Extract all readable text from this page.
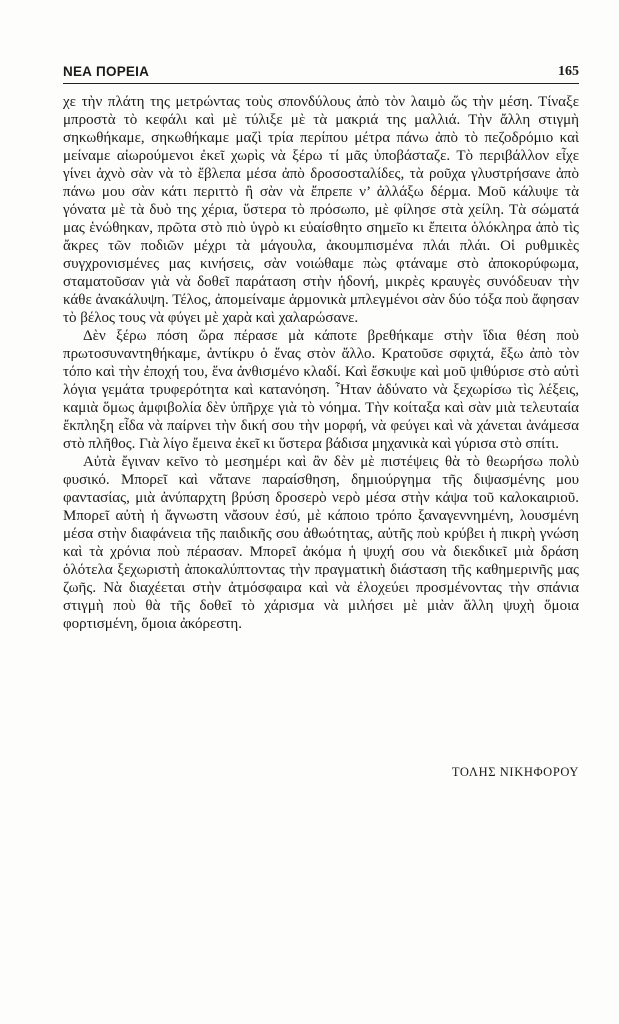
ΝΕΑ ΠΟΡΕΙΑ	165

χε τὴν πλάτη της μετρώντας τοὺς σπονδύλους ἀπὸ τὸν λαιμὸ ὥς τὴν μέση. Τίναξε μπροστὰ τὸ κεφάλι καὶ μὲ τύλιξε μὲ τὰ μακριά της μαλλιά. Τὴν ἄλλη στιγμὴ σηκωθήκαμε, σηκωθήκαμε μαζὶ τρία περίπου μέτρα πάνω ἀπὸ τὸ πεζοδρόμιο καὶ μείναμε αἰωρούμενοι ἐκεῖ χωρὶς νὰ ξέρω τί μᾶς ὑποβάσταζε. Τὸ περιβάλλον εἶχε γίνει ἀχνὸ σὰν νὰ τὸ ἔβλεπα μέσα ἀπὸ δροσοσταλίδες, τὰ ροῦχα γλυστρήσανε ἀπὸ πάνω μου σὰν κάτι περιττὸ ἢ σὰν νὰ ἔπρεπε ν’ ἀλλάξω δέρμα. Μοῦ κάλυψε τὰ γόνατα μὲ τὰ δυὸ της χέρια, ὕστερα τὸ πρόσωπο, μὲ φίλησε στὰ χείλη. Τὰ σώματά μας ἑνώθηκαν, πρῶτα στὸ πιὸ ὑγρὸ κι εὐαίσθητο σημεῖο κι ἔπειτα ὁλόκληρα ἀπὸ τὶς ἄκρες τῶν ποδιῶν μέχρι τὰ μάγουλα, ἀκουμπισμένα πλάι πλάι. Οἱ ρυθμικὲς συγχρονισμένες μας κινήσεις, σὰν νοιώθαμε πὼς φτάναμε στὸ ἀποκορύφωμα, σταματοῦσαν γιὰ νὰ δοθεῖ παράταση στὴν ἡδονή, μικρὲς κραυγὲς συνόδευαν τὴν κάθε ἀνακάλυψη. Τέλος, ἀπομείναμε ἁρμονικὰ μπλεγμένοι σὰν δύο τόξα ποὺ ἄφησαν τὸ βέλος τους νὰ φύγει μὲ χαρὰ καὶ χαλαρώσανε.

Δὲν ξέρω πόση ὥρα πέρασε μὰ κάποτε βρεθήκαμε στὴν ἴδια θέση ποὺ πρωτοσυναντηθήκαμε, ἀντίκρυ ὁ ἕνας στὸν ἄλλο. Κρατοῦσε σφιχτά, ἔξω ἀπὸ τὸν τόπο καὶ τὴν ἐποχή του, ἕνα ἀνθισμένο κλαδί. Καὶ ἔσκυψε καὶ μοῦ ψιθύρισε στὸ αὐτὶ λόγια γεμάτα τρυφερότητα καὶ κατανόηση. Ἦταν ἀδύνατο νὰ ξεχωρίσω τὶς λέξεις, καμιὰ ὅμως ἀμφιβολία δὲν ὑπῆρχε γιὰ τὸ νόημα. Τὴν κοίταξα καὶ σὰν μιὰ τελευταία ἔκπληξη εἶδα νὰ παίρνει τὴν δική σου τὴν μορφή, νὰ φεύγει καὶ νὰ χάνεται ἀνάμεσα στὸ πλῆθος. Γιὰ λίγο ἔμεινα ἐκεῖ κι ὕστερα βάδισα μηχανικὰ καὶ γύρισα στὸ σπίτι.

Αὐτὰ ἔγιναν κεῖνο τὸ μεσημέρι καὶ ἂν δὲν μὲ πιστέψεις θὰ τὸ θεωρήσω πολὺ φυσικό. Μπορεῖ καὶ νἄτανε παραίσθηση, δημιούργημα τῆς διψασμένης μου φαντασίας, μιὰ ἀνύπαρχτη βρύση δροσερὸ νερὸ μέσα στὴν κάψα τοῦ καλοκαιριοῦ. Μπορεῖ αὐτὴ ἡ ἄγνωστη νἄσουν ἐσύ, μὲ κάποιο τρόπο ξαναγεννημένη, λουσμένη μέσα στὴν διαφάνεια τῆς παιδικῆς σου ἀθωότητας, αὐτῆς ποὺ κρύβει ἡ πικρὴ γνώση καὶ τὰ χρόνια ποὺ πέρασαν. Μπορεῖ ἀκόμα ἡ ψυχή σου νὰ διεκδικεῖ μιὰ δράση ὁλότελα ξεχωριστὴ ἀποκαλύπτοντας τὴν πραγματικὴ διάσταση τῆς καθημερινῆς μας ζωῆς. Νὰ διαχέεται στὴν ἀτμόσφαιρα καὶ νὰ ἐλοχεύει προσμένοντας τὴν σπάνια στιγμὴ ποὺ θὰ τῆς δοθεῖ τὸ χάρισμα νὰ μιλήσει μὲ μιὰν ἄλλη ψυχὴ ὅμοια φορτισμένη, ὅμοια ἀκόρεστη.

ΤΟΛΗΣ ΝΙΚΗΦΟΡΟΥ
